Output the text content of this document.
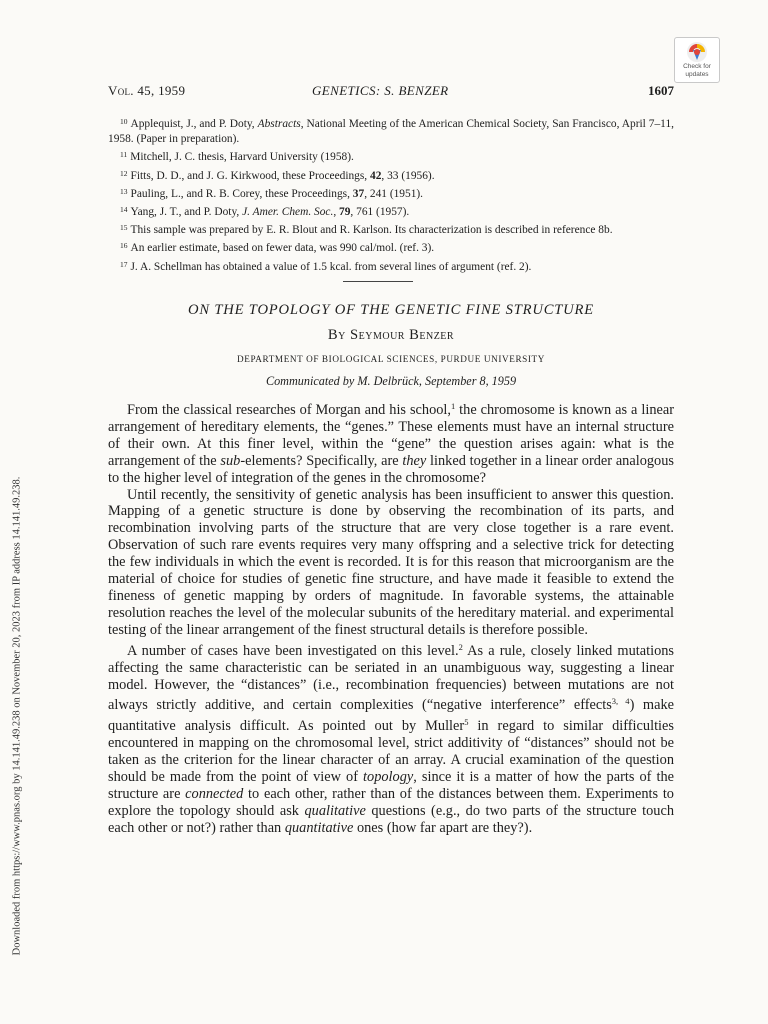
Downloaded from https://www.pnas.org by 14.141.49.238 on November 20, 2023 from IP address 14.141.49.238.
Check for
updates
Vol. 45, 1959	GENETICS: S. BENZER	1607

$^{10}$ Applequist, J., and P. Doty, Abstracts, National Meeting of the American Chemical Society, San Francisco, April 7–11, 1958. (Paper in preparation).

$^{11}$ Mitchell, J. C. thesis, Harvard University (1958).

$^{12}$ Fitts, D. D., and J. G. Kirkwood, these Proceedings, 42, 33 (1956).

$^{13}$ Pauling, L., and R. B. Corey, these Proceedings, 37, 241 (1951).

$^{14}$ Yang, J. T., and P. Doty, J. Amer. Chem. Soc., 79, 761 (1957).

$^{15}$ This sample was prepared by E. R. Blout and R. Karlson. Its characterization is described in reference 8b.

$^{16}$ An earlier estimate, based on fewer data, was 990 cal/mol. (ref. 3).

$^{17}$ J. A. Schellman has obtained a value of 1.5 kcal. from several lines of argument (ref. 2).

ON THE TOPOLOGY OF THE GENETIC FINE STRUCTURE
By Seymour Benzer
DEPARTMENT OF BIOLOGICAL SCIENCES, PURDUE UNIVERSITY
Communicated by M. Delbrück, September 8, 1959

From the classical researches of Morgan and his school,$^1$ the chromosome is known as a linear arrangement of hereditary elements, the “genes.” These elements must have an internal structure of their own. At this finer level, within the “gene” the question arises again: what is the arrangement of the sub-elements? Specifically, are they linked together in a linear order analogous to the higher level of integration of the genes in the chromosome?

Until recently, the sensitivity of genetic analysis has been insufficient to answer this question. Mapping of a genetic structure is done by observing the recombination of its parts, and recombination involving parts of the structure that are very close together is a rare event. Observation of such rare events requires very many offspring and a selective trick for detecting the few individuals in which the event is recorded. It is for this reason that microorganism are the material of choice for studies of genetic fine structure, and have made it feasible to extend the fineness of genetic mapping by orders of magnitude. In favorable systems, the attainable resolution reaches the level of the molecular subunits of the hereditary material. and experimental testing of the linear arrangement of the finest structural details is therefore possible.

A number of cases have been investigated on this level.$^2$ As a rule, closely linked mutations affecting the same characteristic can be seriated in an unambiguous way, suggesting a linear model. However, the “distances” (i.e., recombination frequencies) between mutations are not always strictly additive, and certain complexities (“negative interference” effects$^{3, 4}$) make quantitative analysis difficult. As pointed out by Muller$^5$ in regard to similar difficulties encountered in mapping on the chromosomal level, strict additivity of “distances” should not be taken as the criterion for the linear character of an array. A crucial examination of the question should be made from the point of view of topology, since it is a matter of how the parts of the structure are connected to each other, rather than of the distances between them. Experiments to explore the topology should ask qualitative questions (e.g., do two parts of the structure touch each other or not?) rather than quantitative ones (how far apart are they?).
